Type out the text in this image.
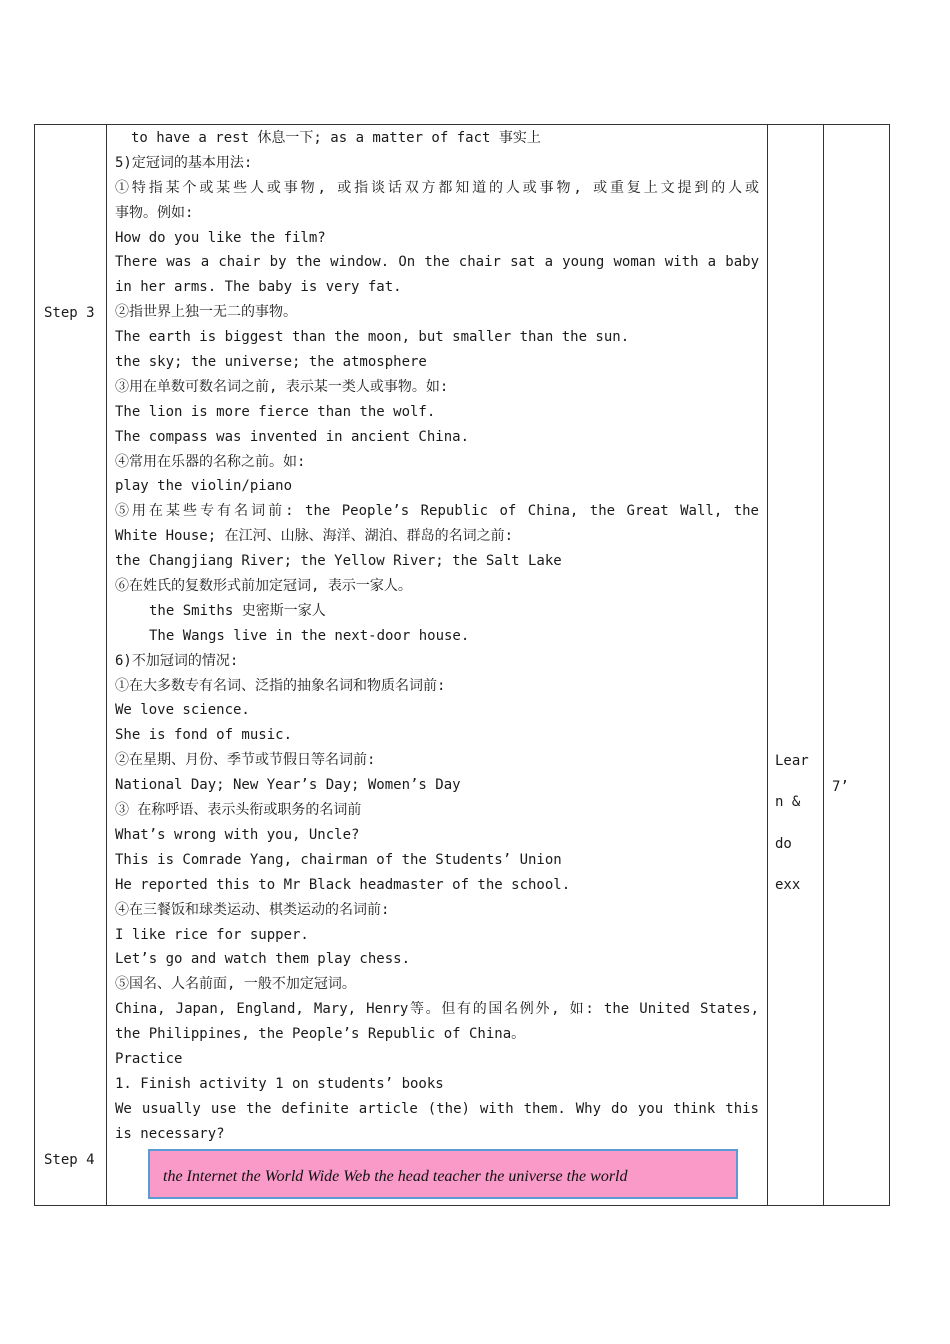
Step 3
Step 4
to have a rest 休息一下; as a matter of fact 事实上
5)定冠词的基本用法:
①特指某个或某些人或事物, 或指谈话双方都知道的人或事物, 或重复上文提到的人或
事物。例如:
How do you like the film?
There was a chair by the window. On the chair sat a young woman with a baby
in her arms. The baby is very fat.
②指世界上独一无二的事物。
The earth is biggest than the moon, but smaller than the sun.
the sky; the universe; the atmosphere
③用在单数可数名词之前, 表示某一类人或事物。如:
The lion is more fierce than the wolf.
The compass was invented in ancient China.
④常用在乐器的名称之前。如:
play the violin/piano
⑤用在某些专有名词前: the People’s Republic of China, the Great Wall, the
White House; 在江河、山脉、海洋、湖泊、群岛的名词之前:
the Changjiang River; the Yellow River; the Salt Lake
⑥在姓氏的复数形式前加定冠词, 表示一家人。
the Smiths 史密斯一家人
The Wangs live in the next-door house.
6)不加冠词的情况:
①在大多数专有名词、泛指的抽象名词和物质名词前:
We love science.
She is fond of music.
②在星期、月份、季节或节假日等名词前:
National Day; New Year’s Day; Women’s Day
③ 在称呼语、表示头衔或职务的名词前
What’s wrong with you, Uncle?
This is Comrade Yang, chairman of the Students’ Union
He reported this to Mr Black headmaster of the school.
④在三餐饭和球类运动、棋类运动的名词前:
I like rice for supper.
Let’s go and watch them play chess.
⑤国名、人名前面, 一般不加定冠词。
China, Japan, England, Mary, Henry等。但有的国名例外, 如: the United States,
the Philippines, the People’s Republic of China。
Practice
1. Finish activity 1 on students’ books
We usually use the definite article (the) with them. Why do you think this
is necessary?
Lear
n &
do
exx
7’
the Internet the World Wide Web the head teacher the universe the world
